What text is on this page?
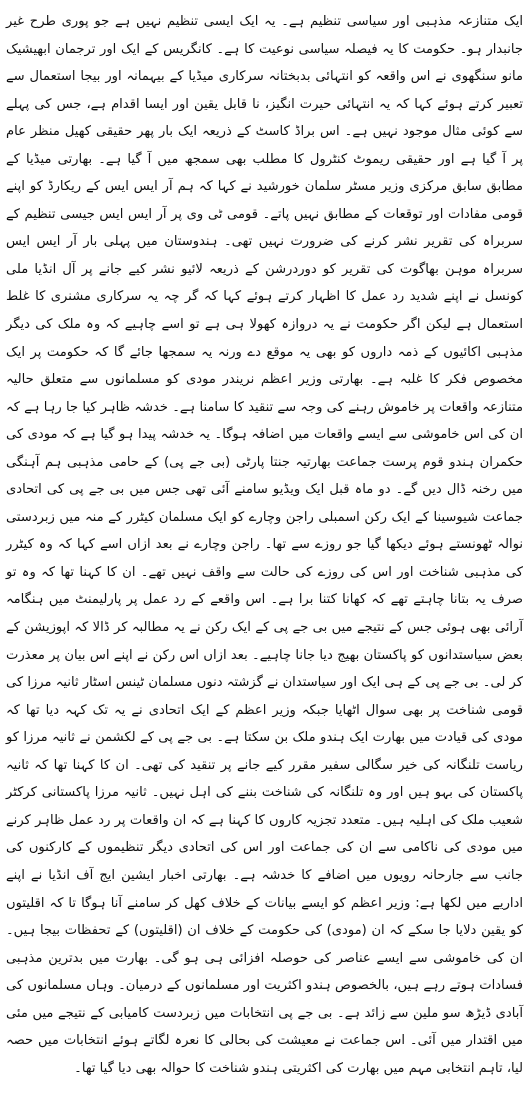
ایک متنازعہ مذہبی اور سیاسی تنظیم ہے۔ یہ ایک ایسی تنظیم نہیں ہے جو پوری طرح غیر جانبدار ہو۔ حکومت کا یہ فیصلہ سیاسی نوعیت کا ہے۔ کانگریس کے ایک اور ترجمان ابھیشیک مانو سنگھوی نے اس واقعہ کو انتہائی بدبختانہ سرکاری میڈیا کے بیہمانہ اور بیجا استعمال سے تعبیر کرتے ہوئے کہا کہ یہ انتہائی حیرت انگیز، نا قابل یقین اور ایسا اقدام ہے، جس کی پہلے سے کوئی مثال موجود نہیں ہے۔ اس براڈ کاسٹ کے ذریعہ ایک بار پھر حقیقی کھیل منظر عام پر آ گیا ہے اور حقیقی ریموٹ کنٹرول کا مطلب بھی سمجھ میں آ گیا ہے۔ بھارتی میڈیا کے مطابق سابق مرکزی وزیر مسٹر سلمان خورشید نے کہا کہ ہم آر ایس ایس کے ریکارڈ کو اپنے قومی مفادات اور توقعات کے مطابق نہیں پاتے۔ قومی ٹی وی پر آر ایس ایس جیسی تنظیم کے سربراہ کی تقریر نشر کرنے کی ضرورت نہیں تھی۔ ہندوستان میں پہلی بار آر ایس ایس سربراہ موہن بھاگوت کی تقریر کو دوردرشن کے ذریعہ لائیو نشر کیے جانے پر آل انڈیا ملی کونسل نے اپنے شدید رد عمل کا اظہار کرتے ہوئے کہا کہ گر چہ یہ سرکاری مشنری کا غلط استعمال ہے لیکن اگر حکومت نے یہ دروازہ کھولا ہی ہے تو اسے چاہیے کہ وہ ملک کی دیگر مذہبی اکائیوں کے ذمہ داروں کو بھی یہ موقع دے ورنہ یہ سمجھا جائے گا کہ حکومت پر ایک مخصوص فکر کا غلبہ ہے۔ بھارتی وزیر اعظم نریندر مودی کو مسلمانوں سے متعلق حالیہ متنازعہ واقعات پر خاموش رہنے کی وجہ سے تنقید کا سامنا ہے۔ خدشہ ظاہر کیا جا رہا ہے کہ ان کی اس خاموشی سے ایسے واقعات میں اضافہ ہوگا۔ یہ خدشہ پیدا ہو گیا ہے کہ مودی کی حکمران ہندو قوم پرست جماعت بھارتیہ جنتا پارٹی (بی جے پی) کے حامی مذہبی ہم آہنگی میں رخنہ ڈال دیں گے۔ دو ماہ قبل ایک ویڈیو سامنے آئی تھی جس میں بی جے پی کی اتحادی جماعت شیوسینا کے ایک رکن اسمبلی راجن وچارے کو ایک مسلمان کیٹرر کے منہ میں زبردستی نوالہ ٹھونستے ہوئے دیکھا گیا جو روزے سے تھا۔ راجن وچارے نے بعد ازاں اسے کہا کہ وہ کیٹرر کی مذہبی شناخت اور اس کی روزے کی حالت سے واقف نہیں تھے۔ ان کا کہنا تھا کہ وہ تو صرف یہ بتانا چاہتے تھے کہ کھانا کتنا برا ہے۔ اس واقعے کے رد عمل پر پارلیمنٹ میں ہنگامہ آرائی بھی ہوئی جس کے نتیجے میں بی جے پی کے ایک رکن نے یہ مطالبہ کر ڈالا کہ اپوزیشن کے بعض سیاستدانوں کو پاکستان بھیج دیا جانا چاہیے۔ بعد ازاں اس رکن نے اپنے اس بیان پر معذرت کر لی۔ بی جے پی کے ہی ایک اور سیاستدان نے گزشتہ دنوں مسلمان ٹینس اسٹار ثانیہ مرزا کی قومی شناخت پر بھی سوال اٹھایا جبکہ وزیر اعظم کے ایک اتحادی نے یہ تک کہہ دیا تھا کہ مودی کی قیادت میں بھارت ایک ہندو ملک بن سکتا ہے۔ بی جے پی کے لکشمن نے ثانیہ مرزا کو ریاست تلنگانہ کی خیر سگالی سفیر مقرر کیے جانے پر تنقید کی تھی۔ ان کا کہنا تھا کہ ثانیہ پاکستان کی بہو ہیں اور وہ تلنگانہ کی شناخت بننے کی اہل نہیں۔ ثانیہ مرزا پاکستانی کرکٹر شعیب ملک کی اہلیہ ہیں۔ متعدد تجزیہ کاروں کا کہنا ہے کہ ان واقعات پر رد عمل ظاہر کرنے میں مودی کی ناکامی سے ان کی جماعت اور اس کی اتحادی دیگر تنظیموں کے کارکنوں کی جانب سے جارحانہ رویوں میں اضافے کا خدشہ ہے۔ بھارتی اخبار ایشین ایج آف انڈیا نے اپنے اداریے میں لکھا ہے: وزیر اعظم کو ایسے بیانات کے خلاف کھل کر سامنے آنا ہوگا تا کہ اقلیتوں کو یقین دلایا جا سکے کہ ان (مودی) کی حکومت کے خلاف ان (اقلیتوں) کے تحفظات بیجا ہیں۔ ان کی خاموشی سے ایسے عناصر کی حوصلہ افزائی ہی ہو گی۔ بھارت میں بدترین مذہبی فسادات ہوتے رہے ہیں، بالخصوص ہندو اکثریت اور مسلمانوں کے درمیان۔ وہاں مسلمانوں کی آبادی ڈیڑھ سو ملین سے زائد ہے۔ بی جے پی انتخابات میں زبردست کامیابی کے نتیجے میں مئی میں اقتدار میں آئی۔ اس جماعت نے معیشت کی بحالی کا نعرہ لگاتے ہوئے انتخابات میں حصہ لیا، تاہم انتخابی مہم میں بھارت کی اکثریتی ہندو شناخت کا حوالہ بھی دیا گیا تھا۔
